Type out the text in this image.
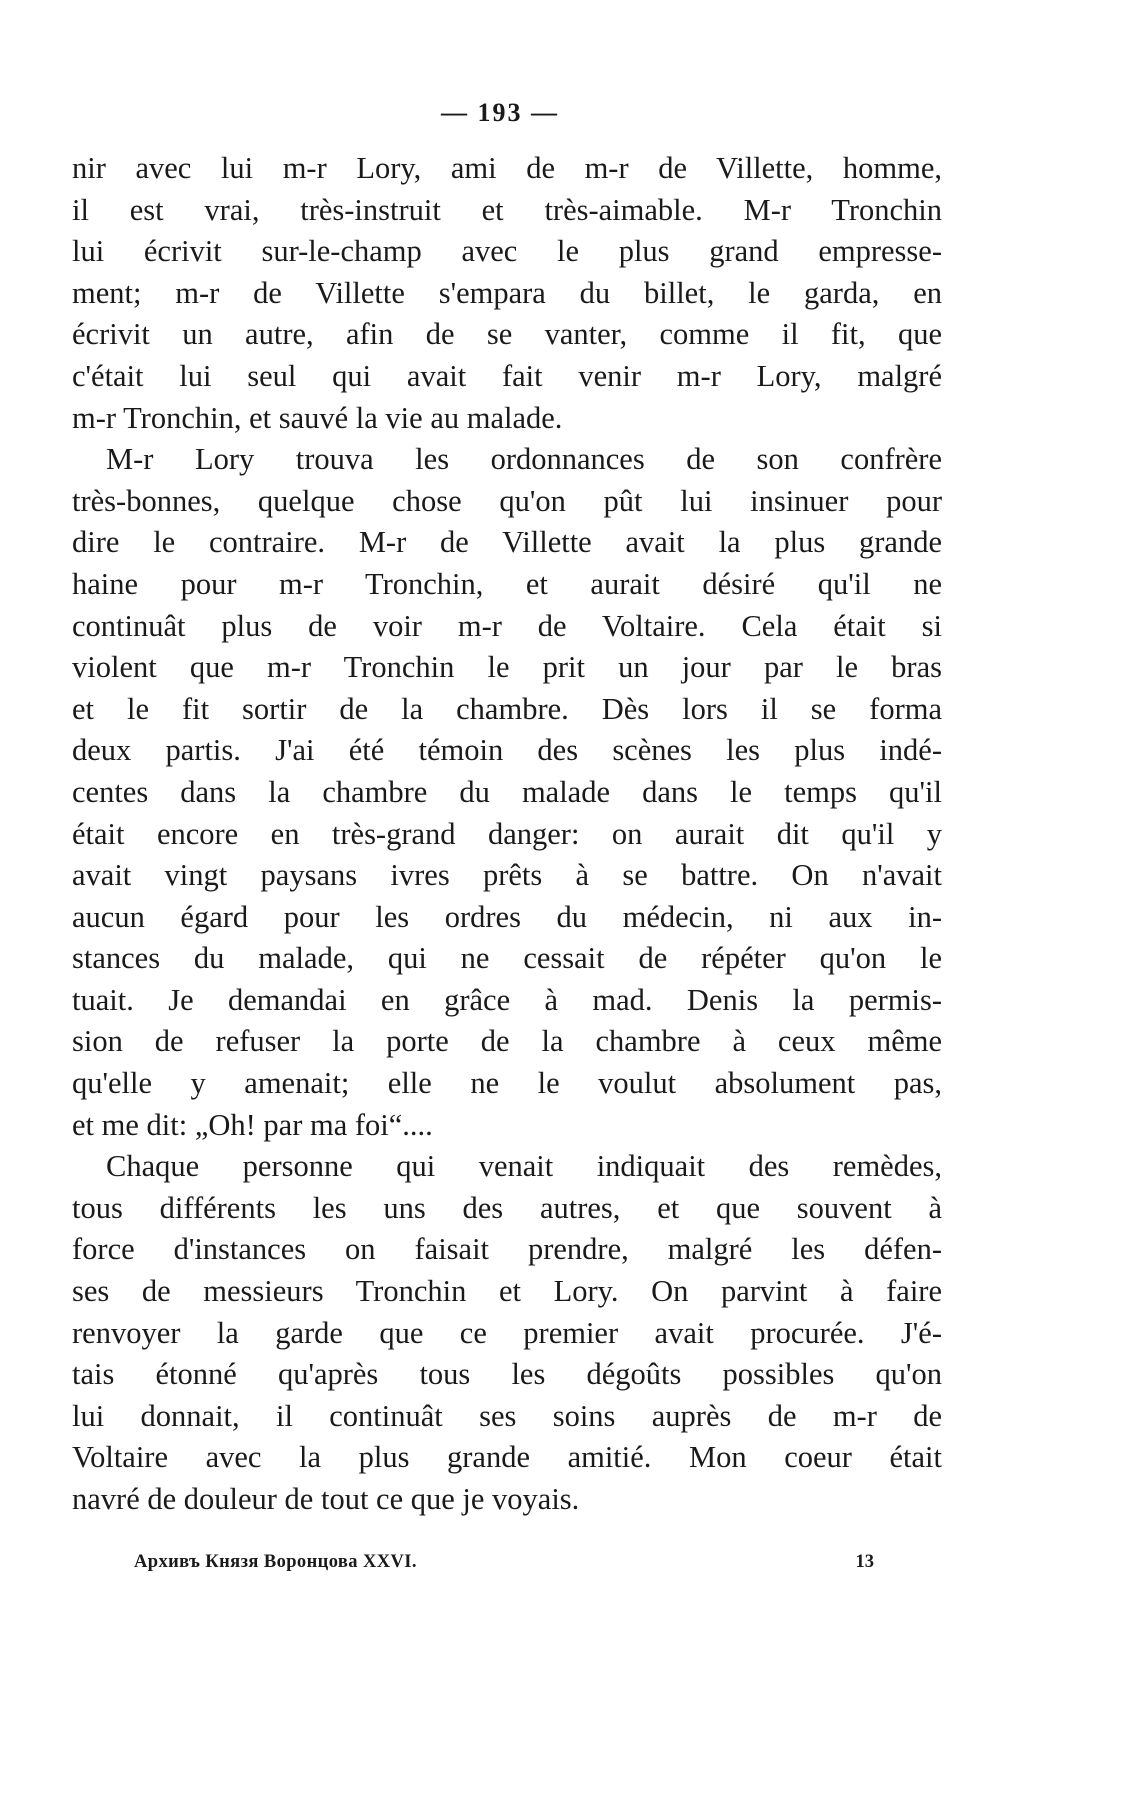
— 193 —
nir avec lui m-r Lory, ami de m-r de Villette, homme,
il est vrai, très-instruit et très-aimable. M-r Tronchin
lui écrivit sur-le-champ avec le plus grand empresse-
ment; m-r de Villette s'empara du billet, le garda, en
écrivit un autre, afin de se vanter, comme il fit, que
c'était lui seul qui avait fait venir m-r Lory, malgré
m-r Tronchin, et sauvé la vie au malade.
M-r Lory trouva les ordonnances de son confrère
très-bonnes, quelque chose qu'on pût lui insinuer pour
dire le contraire. M-r de Villette avait la plus grande
haine pour m-r Tronchin, et aurait désiré qu'il ne
continuât plus de voir m-r de Voltaire. Cela était si
violent que m-r Tronchin le prit un jour par le bras
et le fit sortir de la chambre. Dès lors il se forma
deux partis. J'ai été témoin des scènes les plus indé-
centes dans la chambre du malade dans le temps qu'il
était encore en très-grand danger: on aurait dit qu'il y
avait vingt paysans ivres prêts à se battre. On n'avait
aucun égard pour les ordres du médecin, ni aux in-
stances du malade, qui ne cessait de répéter qu'on le
tuait. Je demandai en grâce à mad. Denis la permis-
sion de refuser la porte de la chambre à ceux même
qu'elle y amenait; elle ne le voulut absolument pas,
et me dit: „Oh! par ma foi“....
Chaque personne qui venait indiquait des remèdes,
tous différents les uns des autres, et que souvent à
force d'instances on faisait prendre, malgré les défen-
ses de messieurs Tronchin et Lory. On parvint à faire
renvoyer la garde que ce premier avait procurée. J'é-
tais étonné qu'après tous les dégoûts possibles qu'on
lui donnait, il continuât ses soins auprès de m-r de
Voltaire avec la plus grande amitié. Mon coeur était
navré de douleur de tout ce que je voyais.
Архивъ Князя Воронцова XXVI.	13
